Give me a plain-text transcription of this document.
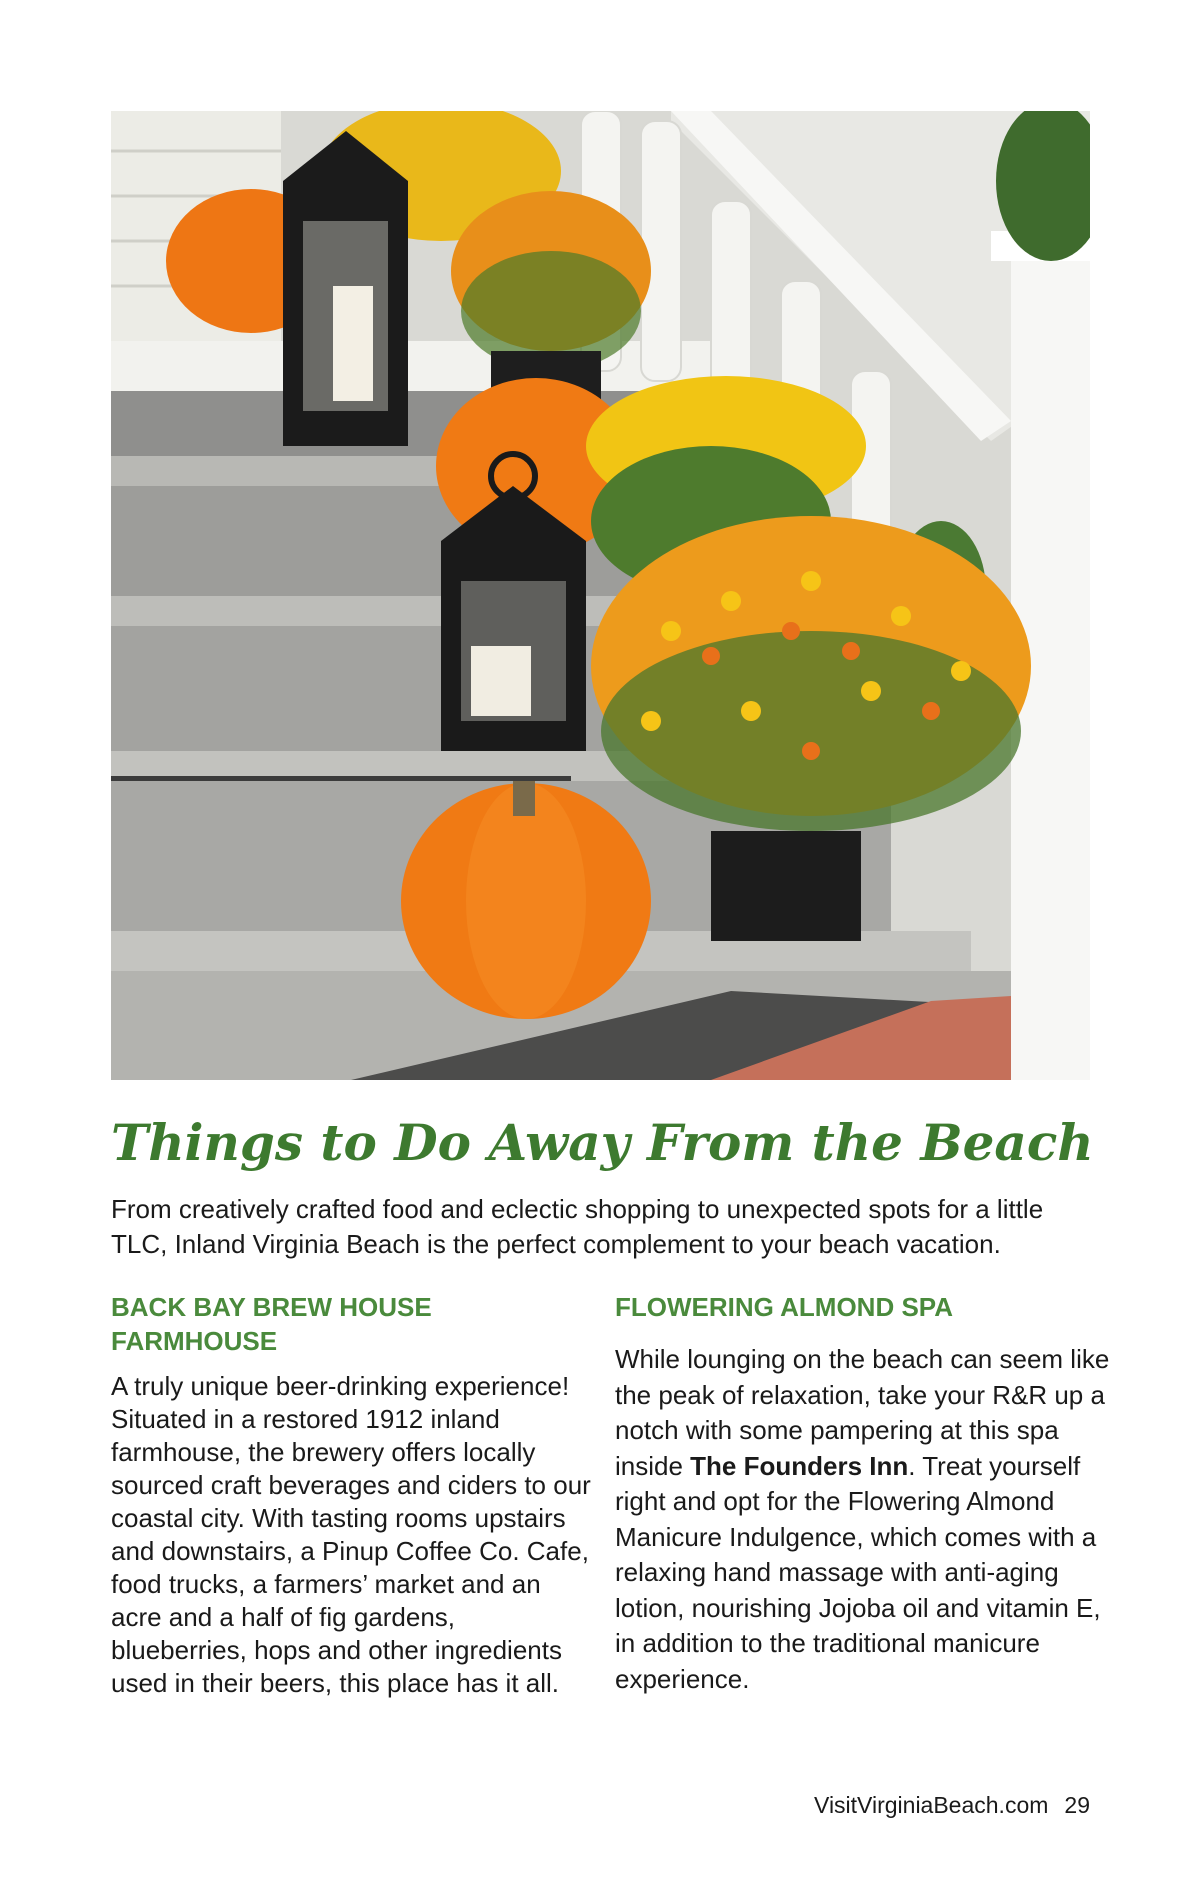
Things to Do Away From the Beach

From creatively crafted food and eclectic shopping to unexpected spots for a little TLC, Inland Virginia Beach is the perfect complement to your beach vacation.

BACK BAY BREW HOUSE FARMHOUSE

A truly unique beer-drinking experience! Situated in a restored 1912 inland farmhouse, the brewery offers locally sourced craft beverages and ciders to our coastal city. With tasting rooms upstairs and downstairs, a Pinup Coffee Co. Cafe, food trucks, a farmers’ market and an acre and a half of fig gardens, blueberries, hops and other ingredients used in their beers, this place has it all.

FLOWERING ALMOND SPA

While lounging on the beach can seem like the peak of relaxation, take your R&R up a notch with some pampering at this spa inside The Founders Inn. Treat yourself right and opt for the Flowering Almond Manicure Indulgence, which comes with a relaxing hand massage with anti-aging lotion, nourishing Jojoba oil and vitamin E, in addition to the traditional manicure experience.

VisitVirginiaBeach.com 29
